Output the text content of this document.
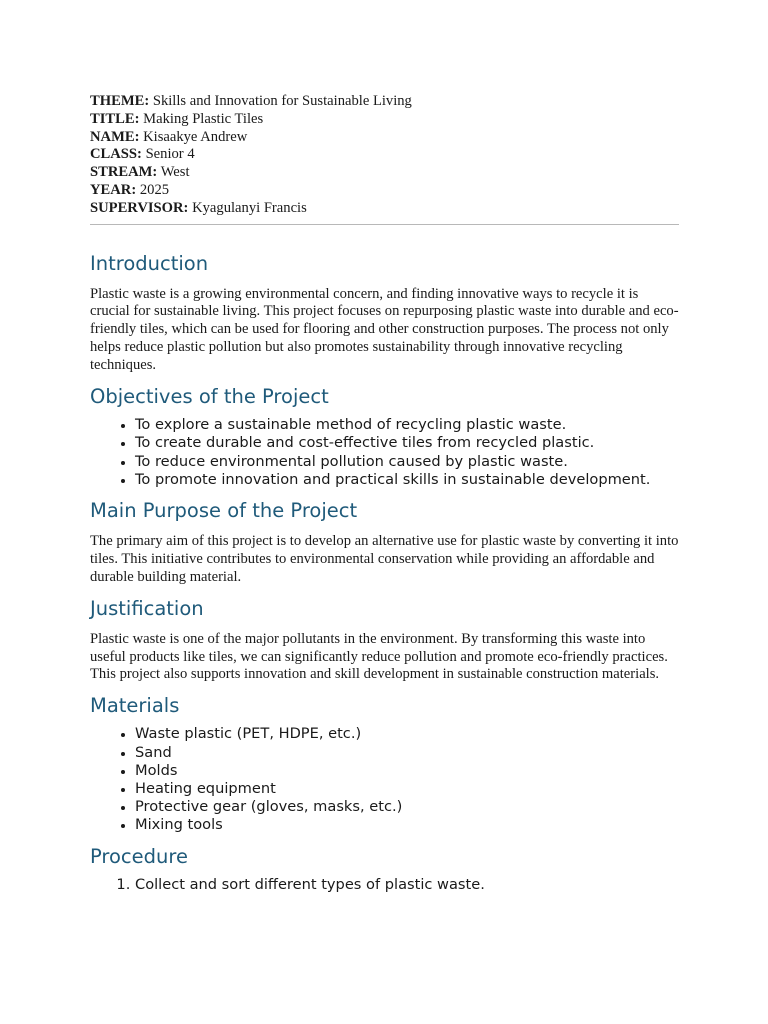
THEME: Skills and Innovation for Sustainable Living
TITLE: Making Plastic Tiles
NAME: Kisaakye Andrew
CLASS: Senior 4
STREAM: West
YEAR: 2025
SUPERVISOR: Kyagulanyi Francis
Introduction

Plastic waste is a growing environmental concern, and finding innovative ways to recycle it is crucial for sustainable living. This project focuses on repurposing plastic waste into durable and eco-friendly tiles, which can be used for flooring and other construction purposes. The process not only helps reduce plastic pollution but also promotes sustainability through innovative recycling techniques.

Objectives of the Project
• To explore a sustainable method of recycling plastic waste.
• To create durable and cost-effective tiles from recycled plastic.
• To reduce environmental pollution caused by plastic waste.
• To promote innovation and practical skills in sustainable development.
Main Purpose of the Project

The primary aim of this project is to develop an alternative use for plastic waste by converting it into tiles. This initiative contributes to environmental conservation while providing an affordable and durable building material.

Justification

Plastic waste is one of the major pollutants in the environment. By transforming this waste into useful products like tiles, we can significantly reduce pollution and promote eco-friendly practices. This project also supports innovation and skill development in sustainable construction materials.

Materials
• Waste plastic (PET, HDPE, etc.)
• Sand
• Molds
• Heating equipment
• Protective gear (gloves, masks, etc.)
• Mixing tools
Procedure
1. Collect and sort different types of plastic waste.
